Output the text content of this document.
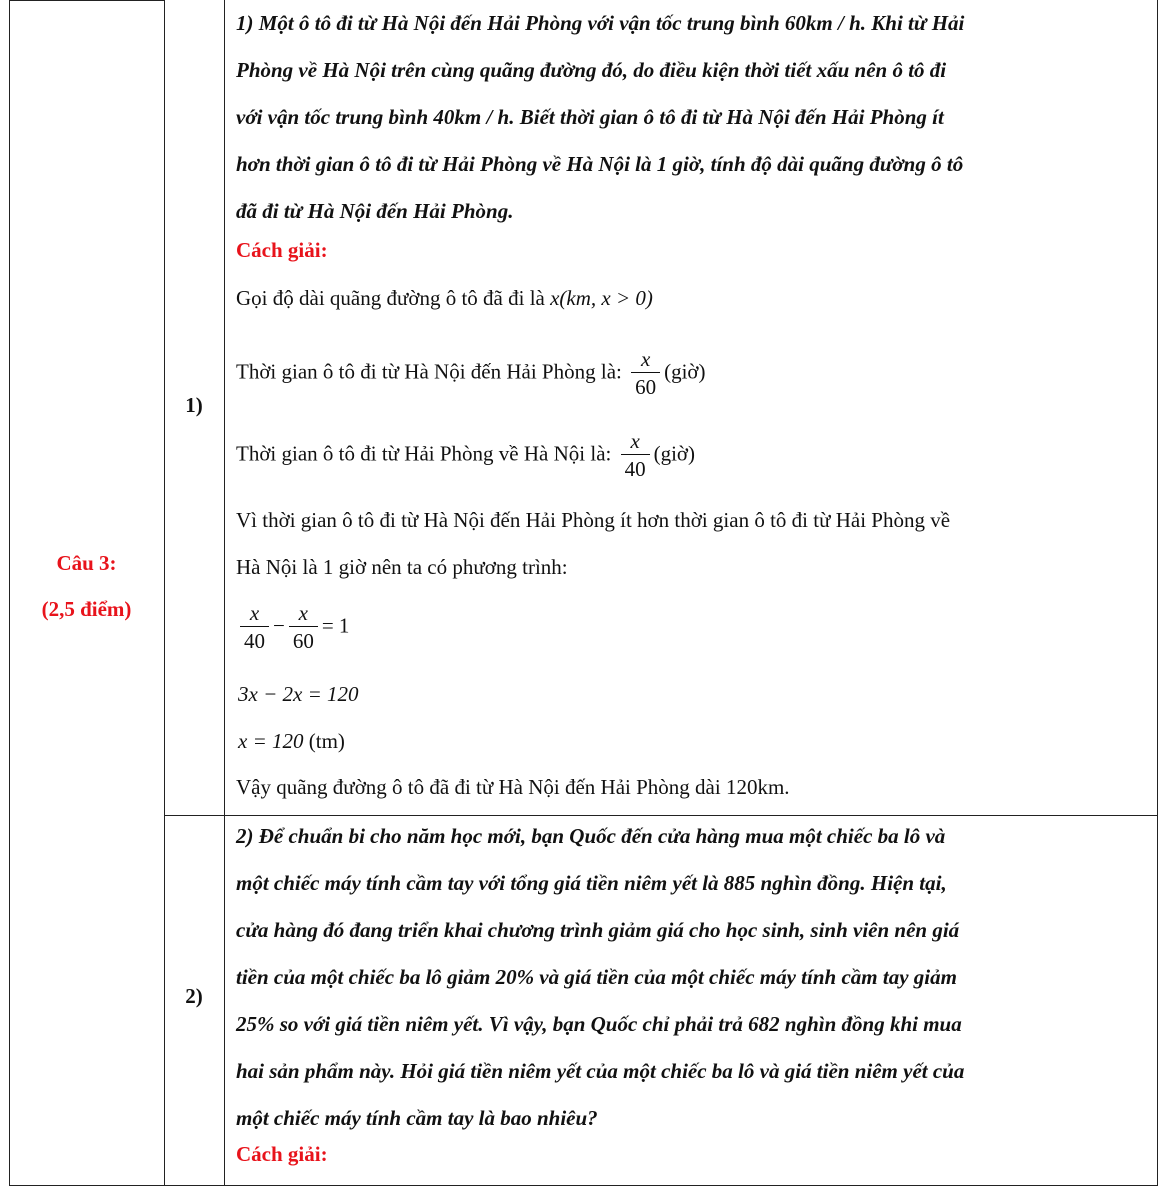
Câu 3:
(2,5 điểm)
1)
2)

1) Một ô tô đi từ Hà Nội đến Hải Phòng với vận tốc trung bình 60km / h. Khi từ Hải

Phòng về Hà Nội trên cùng quãng đường đó, do điều kiện thời tiết xấu nên ô tô đi

với vận tốc trung bình 40km / h. Biết thời gian ô tô đi từ Hà Nội đến Hải Phòng ít

hơn thời gian ô tô đi từ Hải Phòng về Hà Nội là 1 giờ, tính độ dài quãng đường ô tô

đã đi từ Hà Nội đến Hải Phòng.

Cách giải:
Gọi độ dài quãng đường ô tô đã đi là x(km, x > 0)
Thời gian ô tô đi từ Hà Nội đến Hải Phòng là: $\frac{x}{60}$ (giờ)
Thời gian ô tô đi từ Hải Phòng về Hà Nội là: $\frac{x}{40}$ (giờ)
Vì thời gian ô tô đi từ Hà Nội đến Hải Phòng ít hơn thời gian ô tô đi từ Hải Phòng về
Hà Nội là 1 giờ nên ta có phương trình:
$\frac{x}{40} - \frac{x}{60} = 1$
3x − 2x = 120
x = 120 (tm)
Vậy quãng đường ô tô đã đi từ Hà Nội đến Hải Phòng dài 120km.

2) Để chuẩn bi cho năm học mới, bạn Quốc đến cửa hàng mua một chiếc ba lô và

một chiếc máy tính cầm tay với tổng giá tiền niêm yết là 885 nghìn đồng. Hiện tại,

cửa hàng đó đang triển khai chương trình giảm giá cho học sinh, sinh viên nên giá

tiền của một chiếc ba lô giảm 20% và giá tiền của một chiếc máy tính cầm tay giảm

25% so với giá tiền niêm yết. Vì vậy, bạn Quốc chỉ phải trả 682 nghìn đồng khi mua

hai sản phẩm này. Hỏi giá tiền niêm yết của một chiếc ba lô và giá tiền niêm yết của

một chiếc máy tính cầm tay là bao nhiêu?

Cách giải:
